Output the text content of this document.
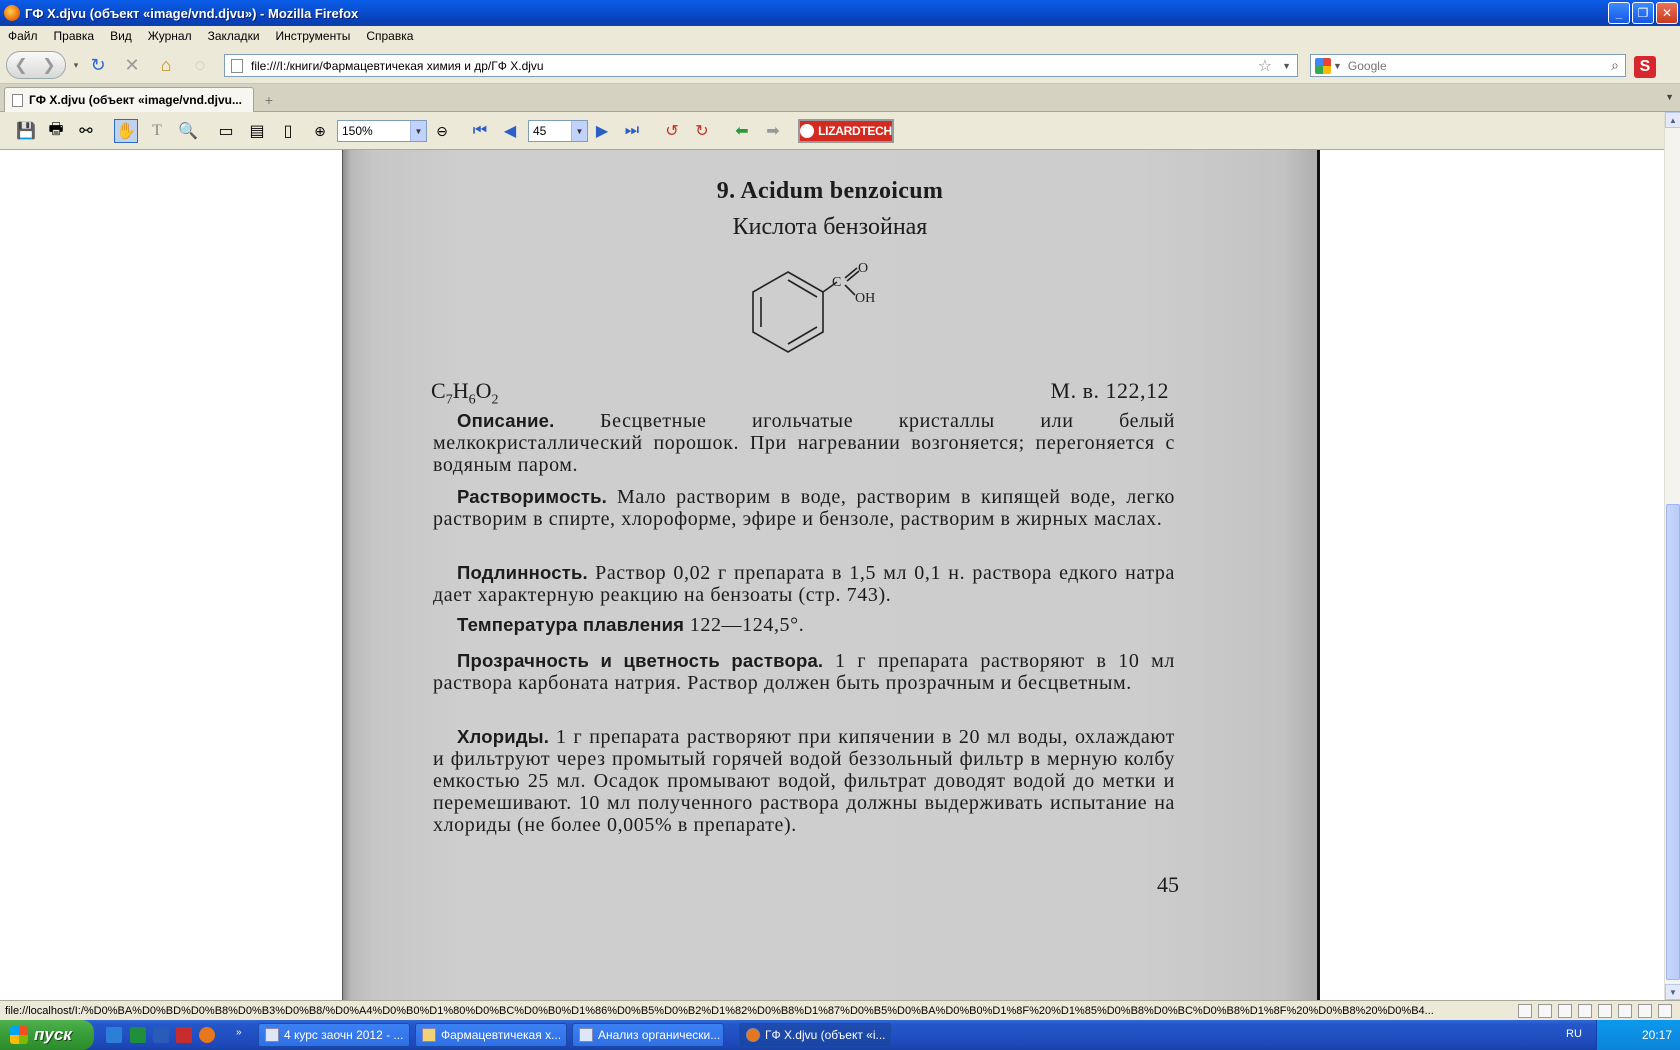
ГФ X.djvu (объект «image/vnd.djvu») - Mozilla Firefox	_	❐	✕
Файл	Правка	Вид	Журнал	Закладки	Инструменты	Справка
❮ ❯	▾ ↻	✕	⌂	◌
file:///I:/книги/Фармацевтичекая химия и др/ГФ X.djvu	☆ ▼	▼
Google	⌕	S
ГФ X.djvu (объект «image/vnd.djvu...	+	▼
💾 🖶 ⚯	✋	T	🔍 ▭ ▤	▯	⊕	150%	▼ ⊖	⏮	◀	45	▼ ▶	⏭	↺	↻	⬅	➡	LIZARDTECH
9. Acidum benzoicum
Кислота бензойная
C
O
OH
$C_7H_6O_2$	М. в. 122,12
Описание. Бесцветные игольчатые кристаллы или белый мелкокристаллический порошок. При нагревании возгоняется; перегоняется с водяным паром.
Растворимость. Мало растворим в воде, растворим в кипящей воде, легко растворим в спирте, хлороформе, эфире и бензоле, растворим в жирных маслах.
Подлинность. Раствор 0,02 г препарата в 1,5 мл 0,1 н. раствора едкого натра дает характерную реакцию на бензоаты (стр. 743).
Температура плавления 122—124,5°.
Прозрачность и цветность раствора. 1 г препарата растворяют в 10 мл раствора карбоната натрия. Раствор должен быть прозрачным и бесцветным.
Хлориды. 1 г препарата растворяют при кипячении в 20 мл воды, охлаждают и фильтруют через промытый горячей водой беззольный фильтр в мерную колбу емкостью 25 мл. Осадок промывают водой, фильтрат доводят водой до метки и перемешивают. 10 мл полученного раствора должны выдерживать испытание на хлориды (не более 0,005% в препарате).
45
▲
▼
file://localhost/I:/%D0%BA%D0%BD%D0%B8%D0%B3%D0%B8/%D0%A4%D0%B0%D1%80%D0%BC%D0%B0%D1%86%D0%B5%D0%B2%D1%82%D0%B8%D1%87%D0%B5%D0%BA%D0%B0%D1%8F%20%D1%85%D0%B8%D0%BC%D0%B8%D1%8F%20%D0%B8%20%D0%B4...
пуск	»	4 курс заочн 2012 - ...	Фармацевтичекая х...	Анализ органически...	ГФ X.djvu (объект «i...	RU	20:17
